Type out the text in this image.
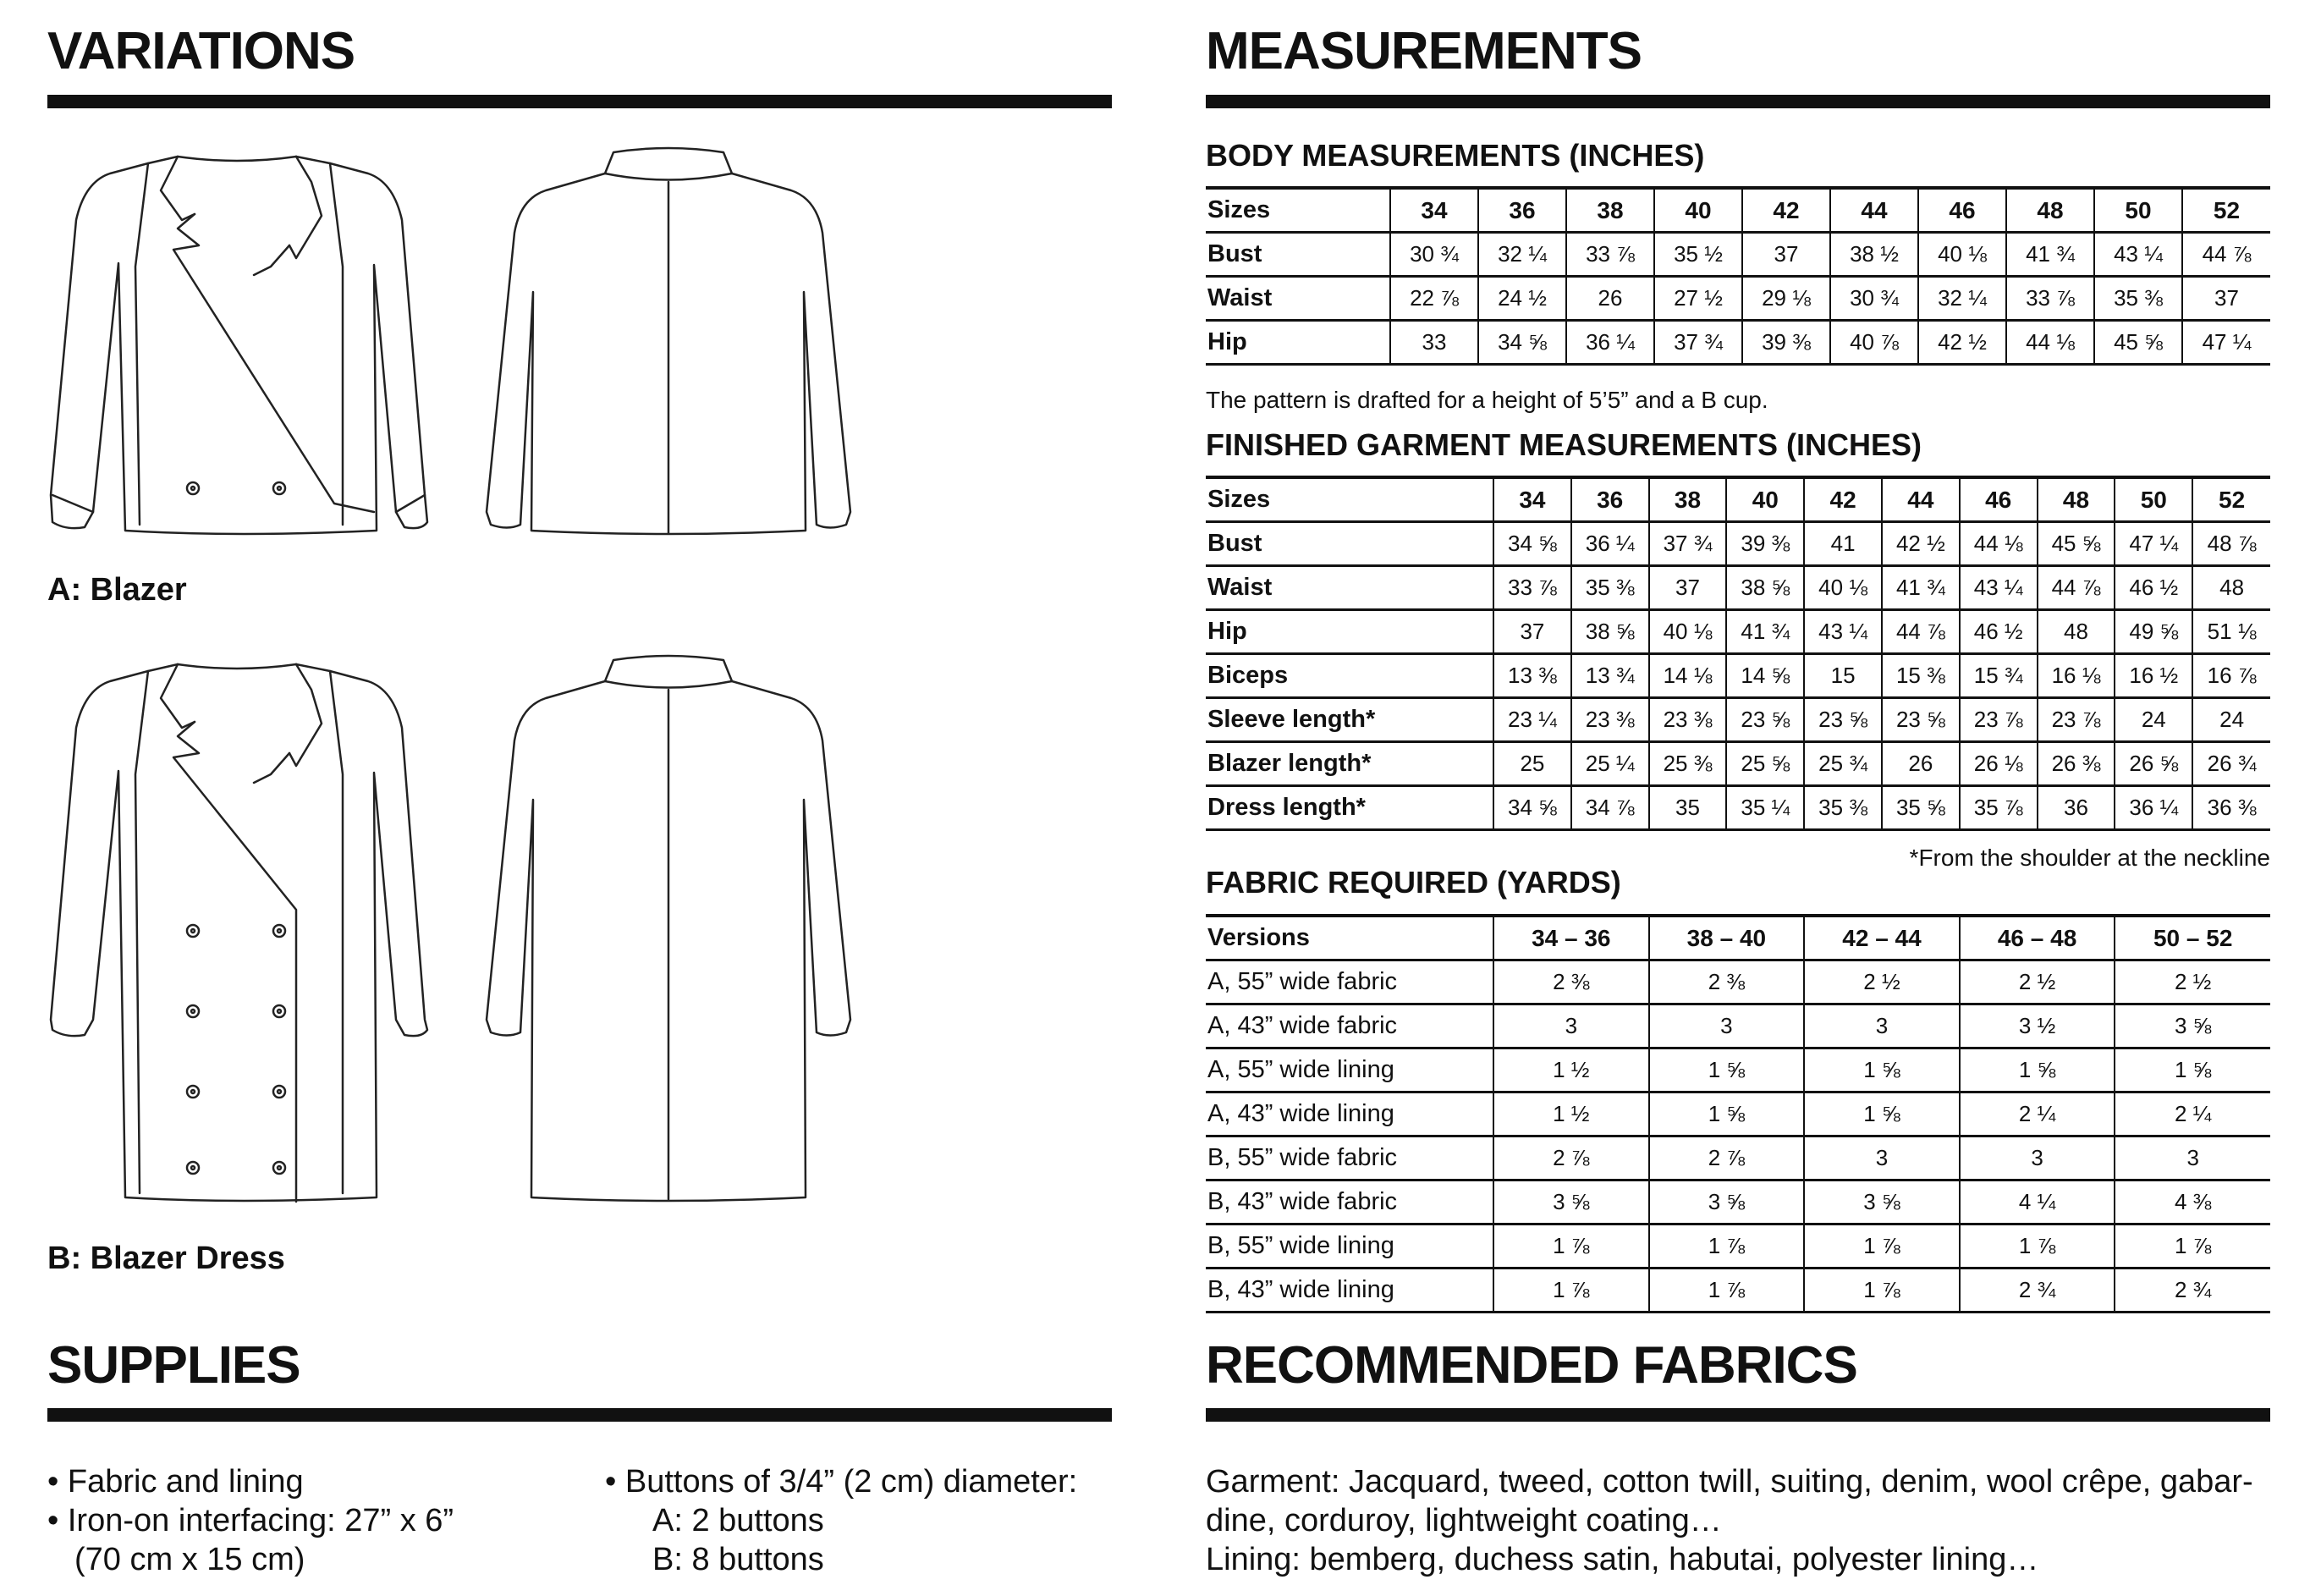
VARIATIONS
A: Blazer
B: Blazer Dress
MEASUREMENTS
BODY MEASUREMENTS (INCHES)
Sizes	34	36	38	40	42	44	46	48	50	52
Bust	30 ¾	32 ¼	33 ⅞	35 ½	37	38 ½	40 ⅛	41 ¾	43 ¼	44 ⅞
Waist	22 ⅞	24 ½	26	27 ½	29 ⅛	30 ¾	32 ¼	33 ⅞	35 ⅜	37
Hip	33	34 ⅝	36 ¼	37 ¾	39 ⅜	40 ⅞	42 ½	44 ⅛	45 ⅝	47 ¼
The pattern is drafted for a height of 5’5” and a B cup.
FINISHED GARMENT MEASUREMENTS (INCHES)
Sizes	34	36	38	40	42	44	46	48	50	52
Bust	34 ⅝	36 ¼	37 ¾	39 ⅜	41	42 ½	44 ⅛	45 ⅝	47 ¼	48 ⅞
Waist	33 ⅞	35 ⅜	37	38 ⅝	40 ⅛	41 ¾	43 ¼	44 ⅞	46 ½	48
Hip	37	38 ⅝	40 ⅛	41 ¾	43 ¼	44 ⅞	46 ½	48	49 ⅝	51 ⅛
Biceps	13 ⅜	13 ¾	14 ⅛	14 ⅝	15	15 ⅜	15 ¾	16 ⅛	16 ½	16 ⅞
Sleeve length*	23 ¼	23 ⅜	23 ⅜	23 ⅝	23 ⅝	23 ⅝	23 ⅞	23 ⅞	24	24
Blazer length*	25	25 ¼	25 ⅜	25 ⅝	25 ¾	26	26 ⅛	26 ⅜	26 ⅝	26 ¾
Dress length*	34 ⅝	34 ⅞	35	35 ¼	35 ⅜	35 ⅝	35 ⅞	36	36 ¼	36 ⅜
*From the shoulder at the neckline
FABRIC REQUIRED (YARDS)
Versions	34 – 36	38 – 40	42 – 44	46 – 48	50 – 52
A, 55” wide fabric	2 ⅜	2 ⅜	2 ½	2 ½	2 ½
A, 43” wide fabric	3	3	3	3 ½	3 ⅝
A, 55” wide lining	1 ½	1 ⅝	1 ⅝	1 ⅝	1 ⅝
A, 43” wide lining	1 ½	1 ⅝	1 ⅝	2 ¼	2 ¼
B, 55” wide fabric	2 ⅞	2 ⅞	3	3	3
B, 43” wide fabric	3 ⅝	3 ⅝	3 ⅝	4 ¼	4 ⅜
B, 55” wide lining	1 ⅞	1 ⅞	1 ⅞	1 ⅞	1 ⅞
B, 43” wide lining	1 ⅞	1 ⅞	1 ⅞	2 ¾	2 ¾
SUPPLIES
• Fabric and lining
• Iron-on interfacing: 27” x 6”
(70 cm x 15 cm)
• Buttons of 3/4” (2 cm) diameter:
A: 2 buttons
B: 8 buttons
RECOMMENDED FABRICS
Garment: Jacquard, tweed, cotton twill, suiting, denim, wool crêpe, gabar-
dine, corduroy, lightweight coating…
Lining: bemberg, duchess satin, habutai, polyester lining…
